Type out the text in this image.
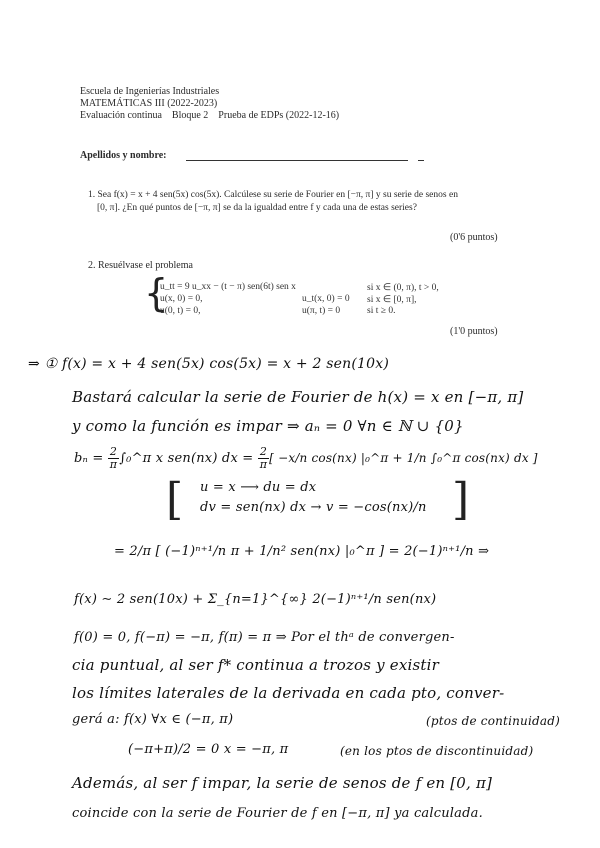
Escuela de Ingenierías Industriales
MATEMÁTICAS III (2022-2023)
Evaluación continua    Bloque 2    Prueba de EDPs (2022-12-16)
Apellidos y nombre:
1. Sea f(x) = x + 4 sen(5x) cos(5x). Calcúlese su serie de Fourier en [−π, π] y su serie de senos en
[0, π]. ¿En qué puntos de [−π, π] se da la igualdad entre f y cada una de estas series?
(0'6 puntos)
2. Resuélvase el problema
{
u_tt = 9 u_xx − (t − π) sen(6t) sen x	si x ∈ (0, π), t > 0,
u(x, 0) = 0,	u_t(x, 0) = 0 si x ∈ [0, π],
u(0, t) = 0,	u(π, t) = 0	si t ≥ 0.
(1'0 puntos)
⇒ ① f(x) = x + 4 sen(5x) cos(5x) = x + 2 sen(10x)
Bastará calcular la serie de Fourier de h(x) = x en [−π, π]
y como la función es impar ⇒ aₙ = 0 ∀n ∈ ℕ ∪ {0}
$b_n = \frac{2}{\pi}$ ∫₀^π x sen(nx) dx = $\frac{2}{\pi}$ [ −x/n cos(nx) |₀^π + 1/n ∫₀^π cos(nx) dx ]
[ u = x ⟶ du = dx
dv = sen(nx) dx → v = −cos(nx)/n ]
= 2/π [ (−1)ⁿ⁺¹/n π + 1/n² sen(nx) |₀^π ] = 2(−1)ⁿ⁺¹/n ⇒
f(x) ∼ 2 sen(10x) + Σ_{n=1}^{∞} 2(−1)ⁿ⁺¹/n sen(nx)
f(0) = 0, f(−π) = −π, f(π) = π ⇒ Por el thᵃ de convergen-
cia puntual, al ser f* continua a trozos y existir
los límites laterales de la derivada en cada pto, conver-
gerá a: f(x) ∀x ∈ (−π, π)	(ptos de continuidad)
(−π+π)/2 = 0 x = −π, π	(en los ptos de discontinuidad)
Además, al ser f impar, la serie de senos de f en [0, π]
coincide con la serie de Fourier de f en [−π, π] ya calculada.
